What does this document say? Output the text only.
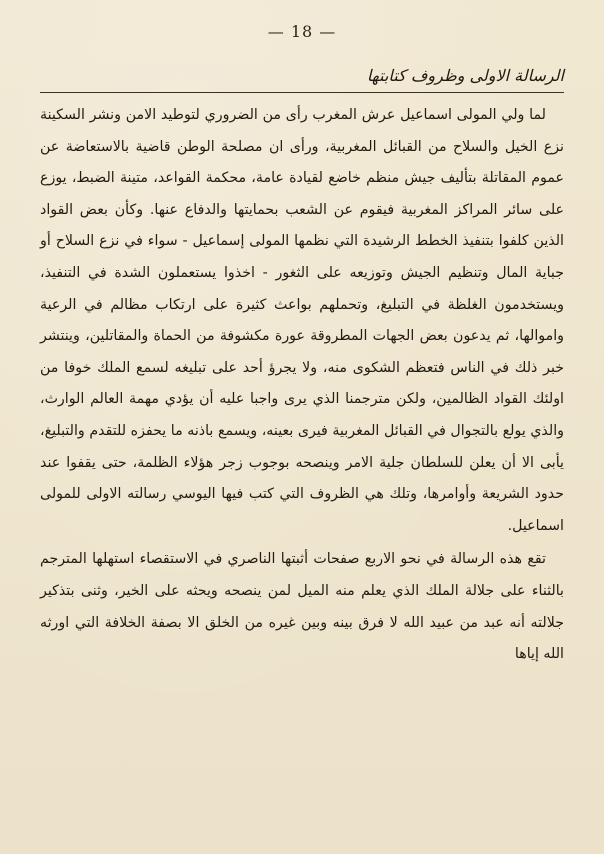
— 18 —
الرسالة الاولى وظروف كتابتها

لما ولي المولى اسماعيل عرش المغرب رأى من الضروري لتوطيد الامن ونشر السكينة نزع الخيل والسلاح من القبائل المغربية، ورأى ان مصلحة الوطن قاضية بالاستعاضة عن عموم المقاتلة بتأليف جيش منظم خاضع لقيادة عامة، محكمة القواعد، متينة الضبط، يوزع على سائر المراكز المغربية فيقوم عن الشعب بحمايتها والدفاع عنها. وكأن بعض القواد الذين كلفوا بتنفيذ الخطط الرشيدة التي نظمها المولى إسماعيل - سواء في نزع السلاح أو جباية المال وتنظيم الجيش وتوزيعه على الثغور - اخذوا يستعملون الشدة في التنفيذ، ويستخدمون الغلظة في التبليغ، وتحملهم بواعث كثيرة على ارتكاب مظالم في الرعية واموالها، ثم يدعون بعض الجهات المطروقة عورة مكشوفة من الحماة والمقاتلين، وينتشر خبر ذلك في الناس فتعظم الشكوى منه، ولا يجرؤ أحد على تبليغه لسمع الملك خوفا من اولئك القواد الظالمين، ولكن مترجمنا الذي يرى واجبا عليه أن يؤدي مهمة العالم الوارث، والذي يولع بالتجوال في القبائل المغربية فيرى بعينه، ويسمع باذنه ما يحفزه للتقدم والتبليغ، يأبى الا أن يعلن للسلطان جلية الامر وينصحه بوجوب زجر هؤلاء الظلمة، حتى يقفوا عند حدود الشريعة وأوامرها، وتلك هي الظروف التي كتب فيها اليوسي رسالته الاولى للمولى اسماعيل.

تقع هذه الرسالة في نحو الاربع صفحات أثبتها الناصري في الاستقصاء استهلها المترجم بالثناء على جلالة الملك الذي يعلم منه الميل لمن ينصحه ويحثه على الخير، وثنى بتذكير جلالته أنه عبد من عبيد الله لا فرق بينه وبين غيره من الخلق الا بصفة الخلافة التي اورثه الله إياها
